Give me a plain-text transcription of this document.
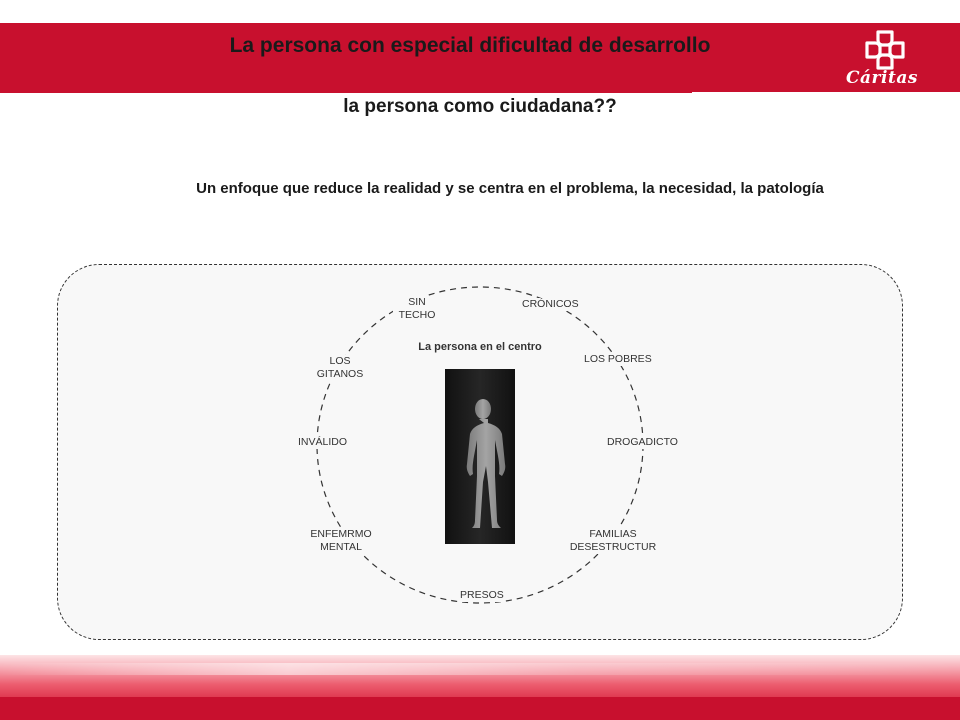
La persona con especial dificultad de desarrollo
Cáritas
la persona como ciudadana??

Un enfoque que reduce la realidad y se centra en el problema, la necesidad, la patología

La persona en el centro
SIN
TECHO
CRÓNICOS
LOS POBRES
DROGADICTO
FAMILIAS
DESESTRUCTUR
PRESOS
ENFEMRMO
MENTAL
INVÁLIDO
LOS
GITANOS
